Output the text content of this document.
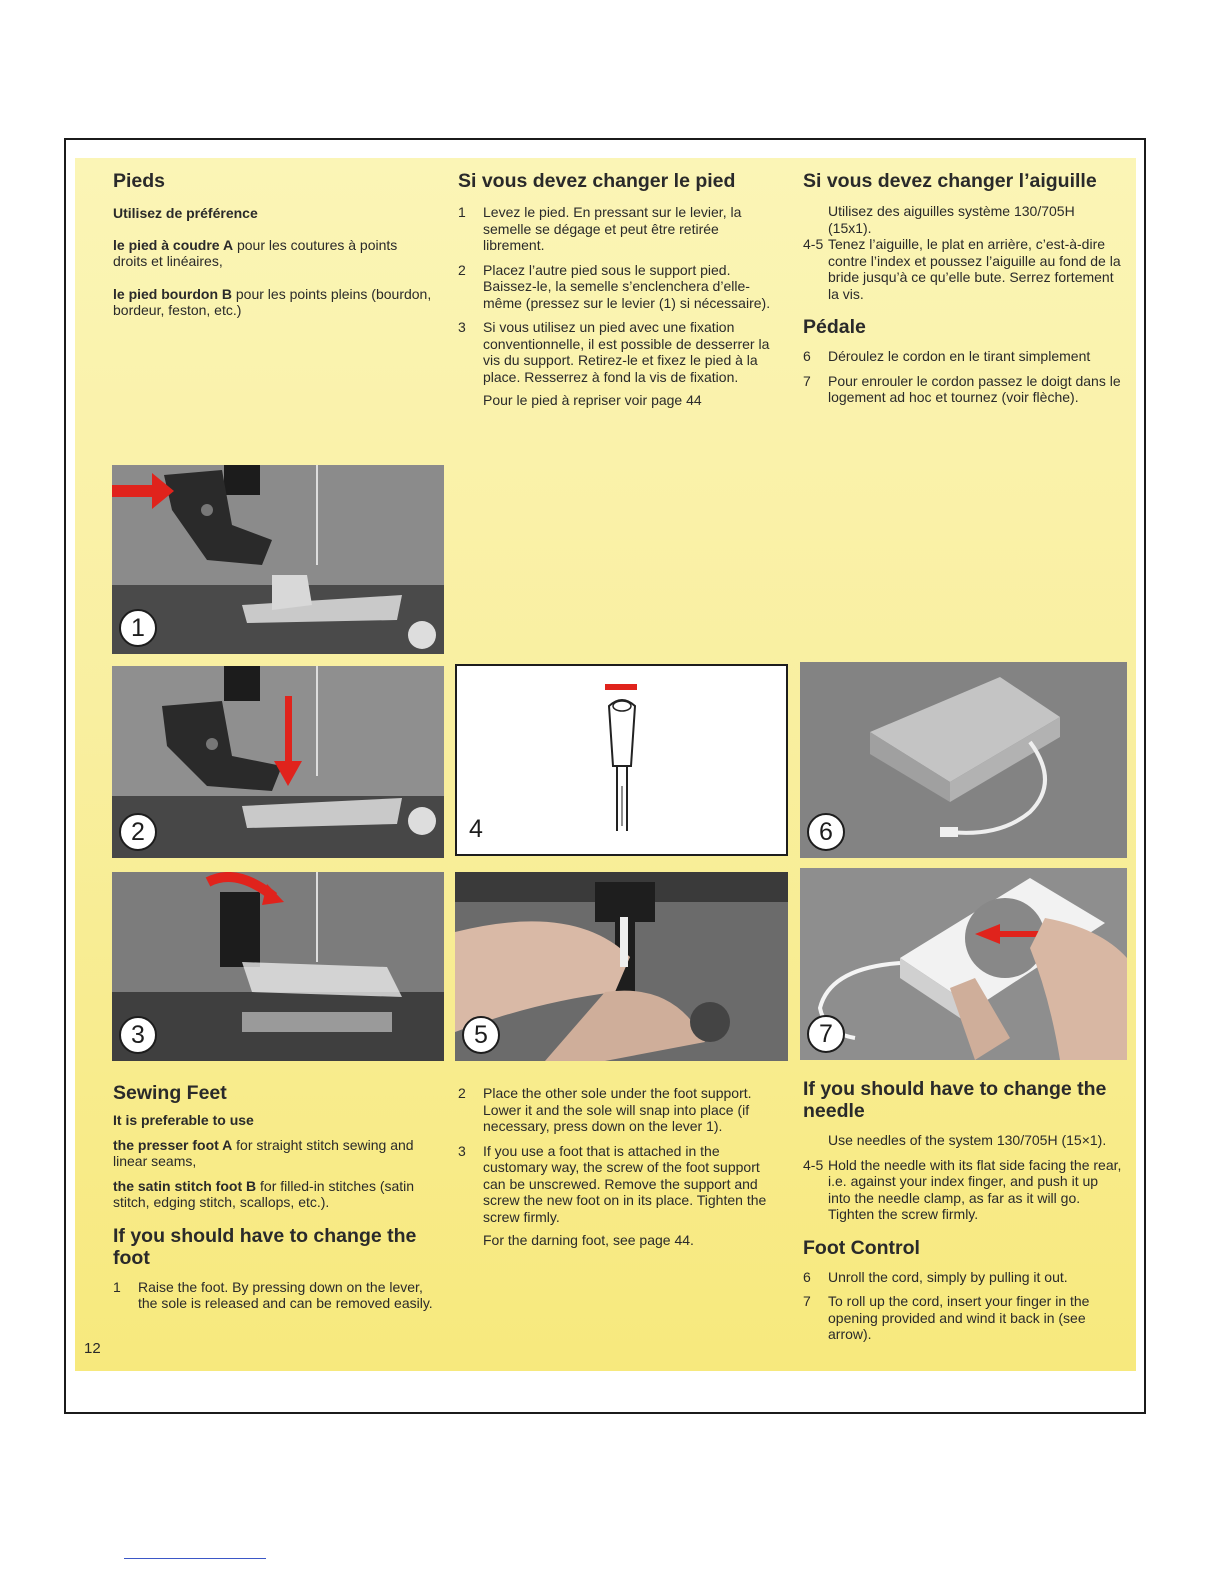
Pieds
Utilisez de préférence

le pied à coudre A pour les coutures à points droits et linéaires,

le pied bourdon B pour les points pleins (bourdon, bordeur, feston, etc.)

Si vous devez changer le pied
1 Levez le pied. En pressant sur le levier, la semelle se dégage et peut être retirée librement.
2 Placez l’autre pied sous le support pied. Baissez-le, la semelle s’enclenchera d’elle-même (pressez sur le levier (1) si nécessaire).
3 Si vous utilisez un pied avec une fixation conventionnelle, il est possible de desserrer la vis du support. Retirez-le et fixez le pied à la place. Resserrez à fond la vis de fixation.

Pour le pied à repriser voir page 44

Si vous devez changer l’aiguille

Utilisez des aiguilles système 130/705H (15x1).

4-5 Tenez l’aiguille, le plat en arrière, c’est-à-dire contre l’index et poussez l’aiguille au fond de la bride jusqu’à ce qu’elle bute. Serrez fortement la vis.
Pédale
6 Déroulez le cordon en le tirant simplement
7 Pour enrouler le cordon passez le doigt dans le logement ad hoc et tournez (voir flèche).
1
2
3
4
5
6
7
Sewing Feet
It is preferable to use

the presser foot A for straight stitch sewing and linear seams,

the satin stitch foot B for filled-in stitches (satin stitch, edging stitch, scallops, etc.).

If you should have to change the foot
1 Raise the foot. By pressing down on the lever, the sole is released and can be removed easily.
2 Place the other sole under the foot support. Lower it and the sole will snap into place (if necessary, press down on the lever 1).
3 If you use a foot that is attached in the customary way, the screw of the foot support can be unscrewed. Remove the support and screw the new foot on in its place. Tighten the screw firmly.

For the darning foot, see page 44.

If you should have to change the needle

Use needles of the system 130/705H (15×1).

4-5 Hold the needle with its flat side facing the rear, i.e. against your index finger, and push it up into the needle clamp, as far as it will go. Tighten the screw firmly.
Foot Control
6 Unroll the cord, simply by pulling it out.
7 To roll up the cord, insert your finger in the opening provided and wind it back in (see arrow).
12
